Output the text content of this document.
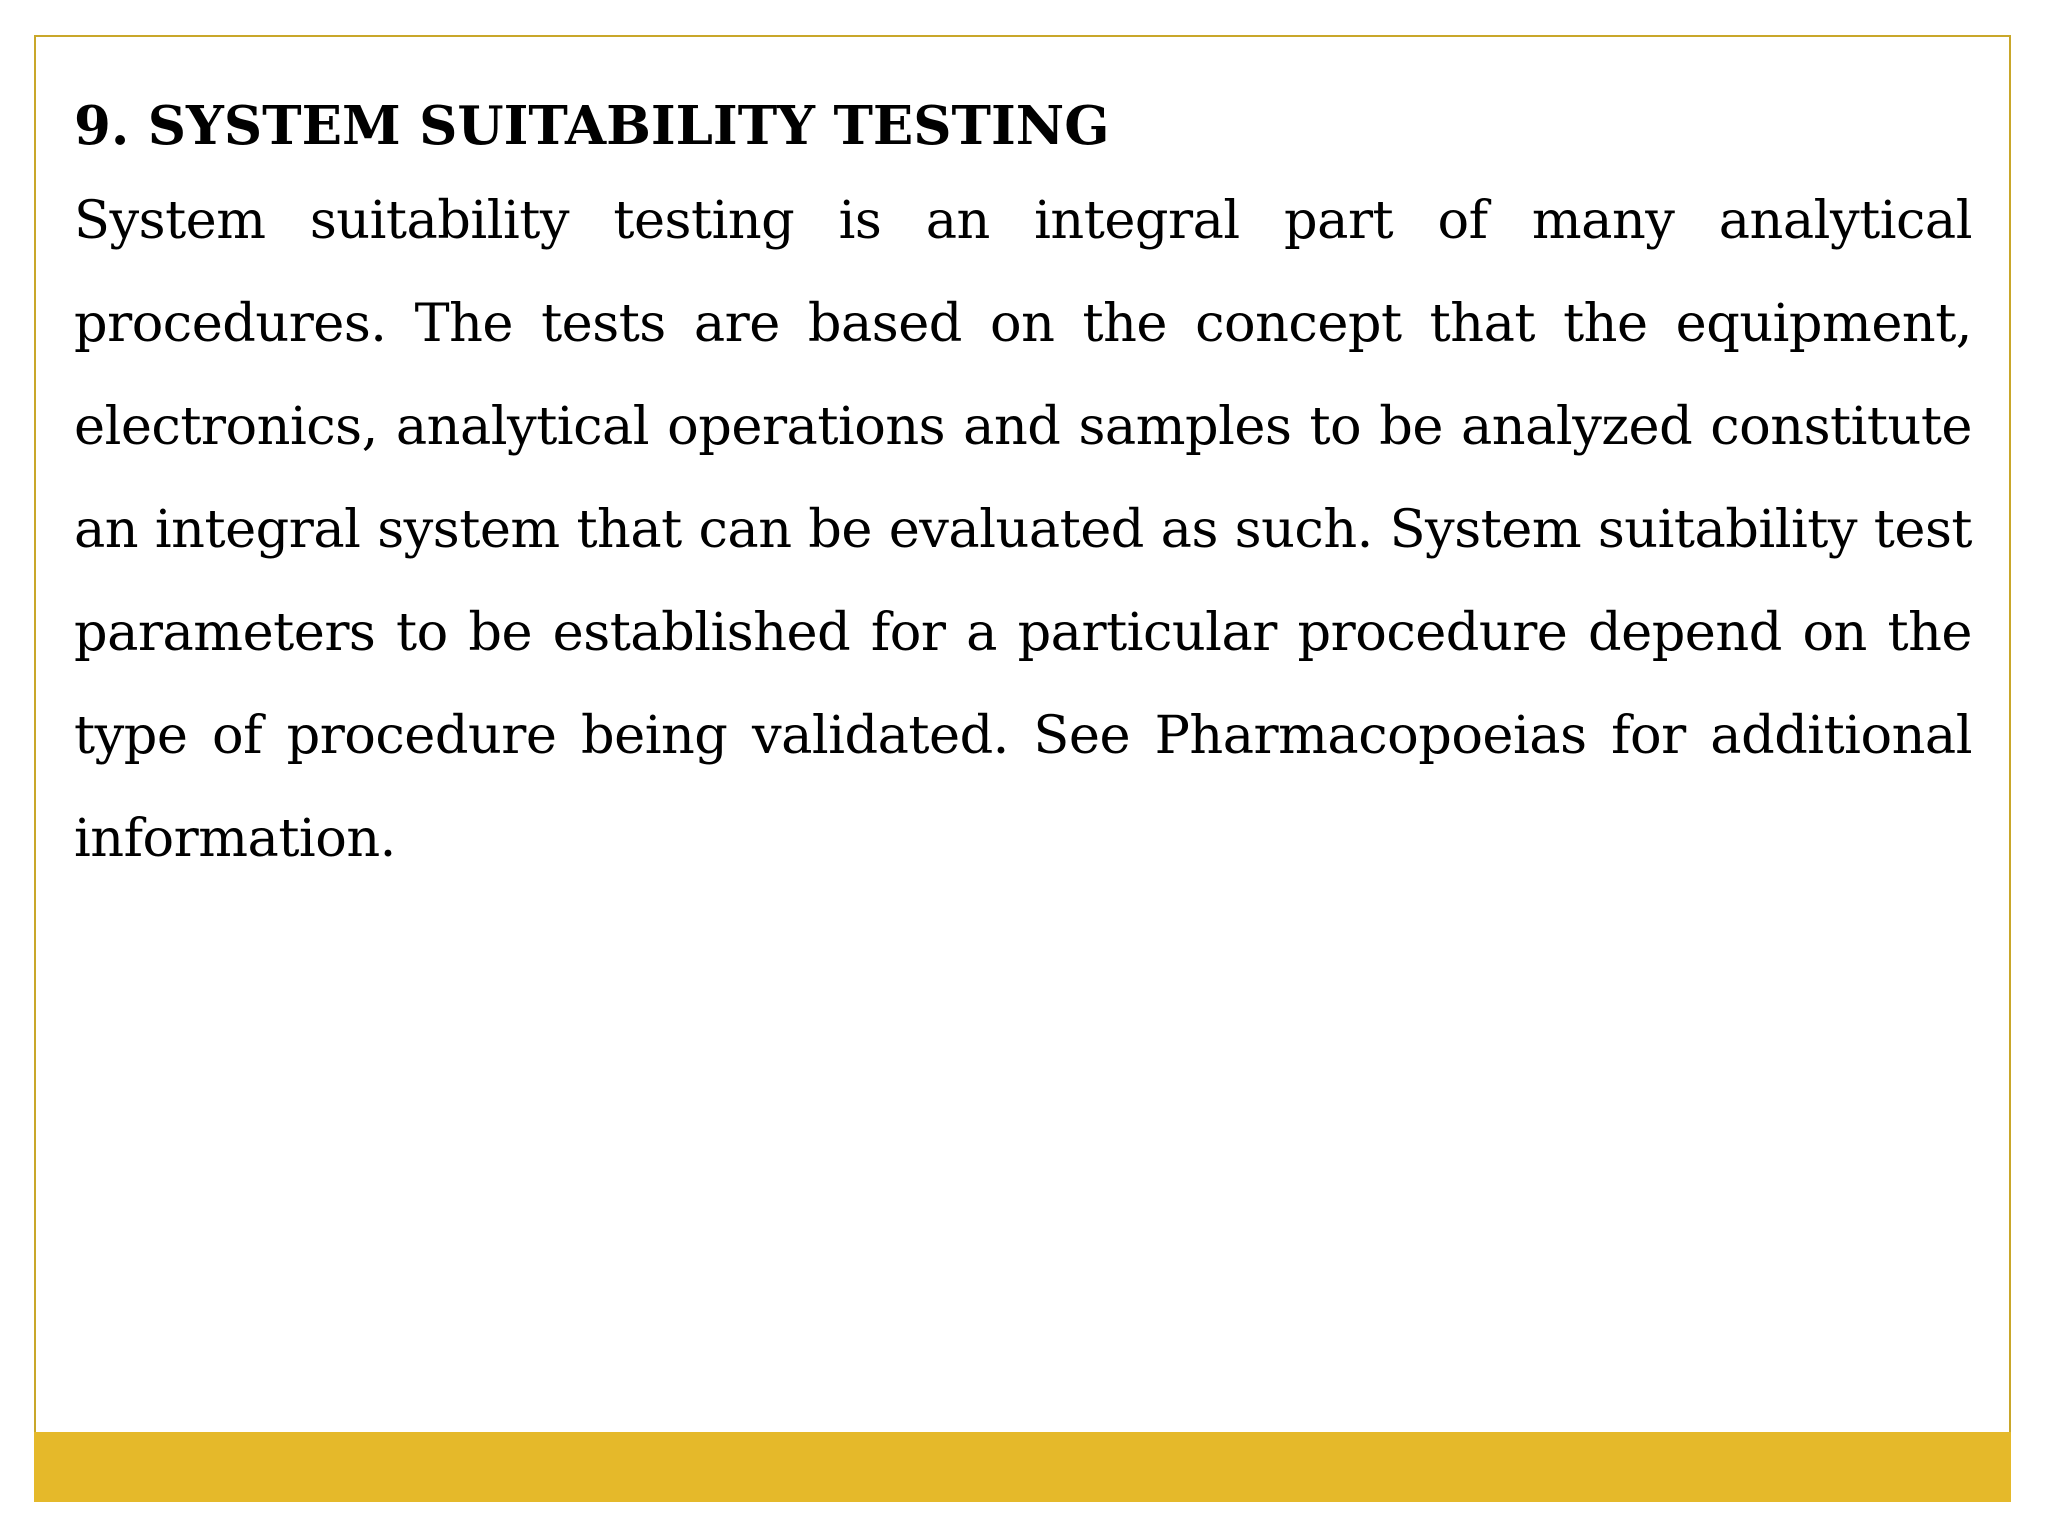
9. SYSTEM SUITABILITY TESTING

System suitability testing is an integral part of many analytical procedures. The tests are based on the concept that the equipment, electronics, analytical operations and samples to be analyzed constitute an integral system that can be evaluated as such. System suitability test parameters to be established for a particular procedure depend on the type of procedure being validated. See Pharmacopoeias for additional information.
